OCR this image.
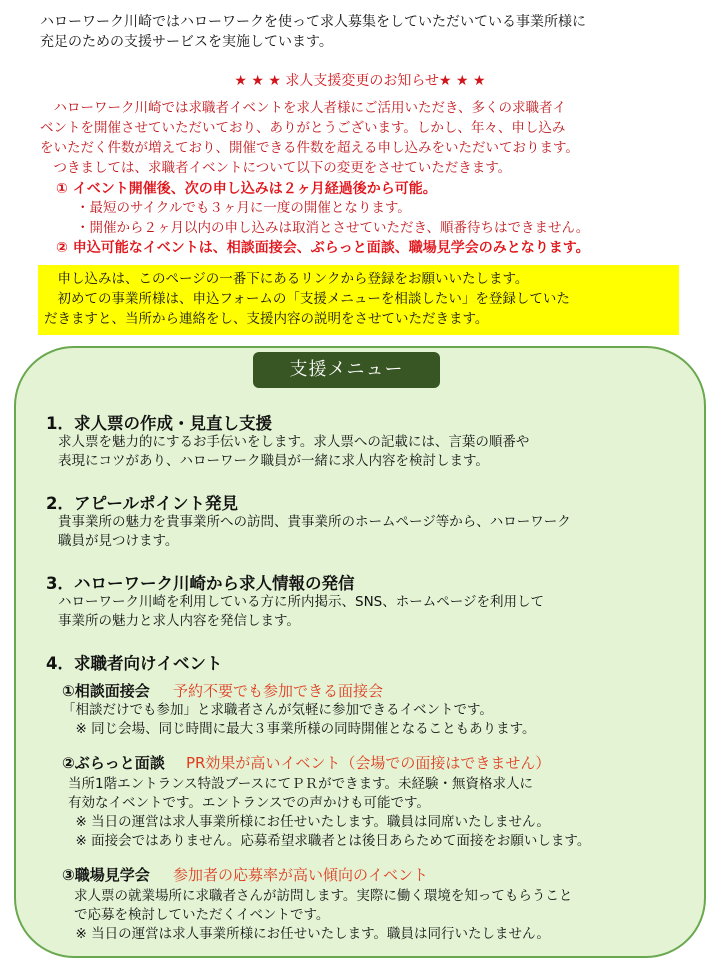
ハローワーク川崎ではハローワークを使って求人募集をしていただいている事業所様に
充足のための支援サービスを実施しています。
★ ★ ★ 求人支援変更のお知らせ★ ★ ★
　ハローワーク川崎では求職者イベントを求人者様にご活用いただき、多くの求職者イ
ベントを開催させていただいており、ありがとうございます。しかし、年々、申し込み
をいただく件数が増えており、開催できる件数を超える申し込みをいただいております。
　つきましては、求職者イベントについて以下の変更をさせていただきます。
① イベント開催後、次の申し込みは２ヶ月経過後から可能。
・最短のサイクルでも３ヶ月に一度の開催となります。
・開催から２ヶ月以内の申し込みは取消とさせていただき、順番待ちはできません。
② 申込可能なイベントは、相談面接会、ぶらっと面談、職場見学会のみとなります。
　申し込みは、このページの一番下にあるリンクから登録をお願いいたします。
　初めての事業所様は、申込フォームの「支援メニューを相談したい」を登録していた
だきますと、当所から連絡をし、支援内容の説明をさせていただきます。
支援メニュー
1．求人票の作成・見直し支援
求人票を魅力的にするお手伝いをします。求人票への記載には、言葉の順番や
表現にコツがあり、ハローワーク職員が一緒に求人内容を検討します。
2．アピールポイント発見
貴事業所の魅力を貴事業所への訪問、貴事業所のホームページ等から、ハローワーク
職員が見つけます。
3．ハローワーク川崎から求人情報の発信
ハローワーク川崎を利用している方に所内掲示、SNS、ホームページを利用して
事業所の魅力と求人内容を発信します。
4．求職者向けイベント
①相談面接会 予約不要でも参加できる面接会
「相談だけでも参加」と求職者さんが気軽に参加できるイベントです。
　※ 同じ会場、同じ時間に最大３事業所様の同時開催となることもあります。
②ぶらっと面談 PR効果が高いイベント（会場での面接はできません）
当所1階エントランス特設ブースにてＰＲができます。未経験・無資格求人に
有効なイベントです。エントランスでの声かけも可能です。
　※ 当日の運営は求人事業所様にお任せいたします。職員は同席いたしません。
　※ 面接会ではありません。応募希望求職者とは後日あらためて面接をお願いします。
③職場見学会 参加者の応募率が高い傾向のイベント
求人票の就業場所に求職者さんが訪問します。実際に働く環境を知ってもらうこと
で応募を検討していただくイベントです。
　※ 当日の運営は求人事業所様にお任せいたします。職員は同行いたしません。
